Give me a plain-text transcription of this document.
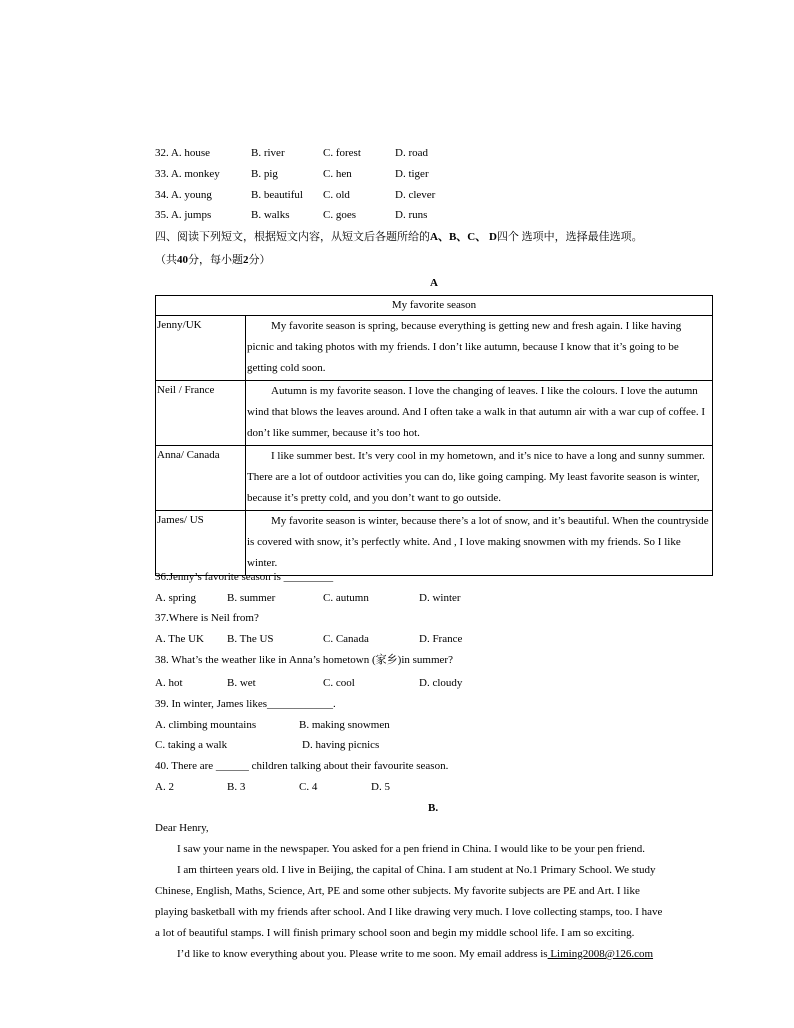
32. A. house	B. river	C. forest	D. road
33. A. monkey	B. pig	C. hen	D. tiger
34. A. young	B. beautiful C. old	D. clever
35. A. jumps	B. walks	C. goes	D. runs
四、阅读下列短文，根据短文内容，从短文后各题所给的A、B、C、 D四个 选项中，选择最佳选项。
（共40分，每小题2分）
A
My favorite season	
Jenny/UK	My favorite season is spring, because everything is getting new and fresh again. I like having picnic and taking photos with my friends. I don’t like autumn, because I know that it’s going to be getting cold soon.
Neil / France	Autumn is my favorite season. I love the changing of leaves. I like the colours. I love the autumn wind that blows the leaves around. And I often take a walk in that autumn air with a war cup of coffee. I don’t like summer, because it’s too hot.
Anna/ Canada	I like summer best. It’s very cool in my hometown, and it’s nice to have a long and sunny summer. There are a lot of outdoor activities you can do, like going camping. My least favorite season is winter, because it’s pretty cold, and you don’t want to go outside.
James/ US	My favorite season is winter, because there’s a lot of snow, and it’s beautiful. When the countryside is covered with snow, it’s perfectly white. And , I love making snowmen with my friends. So I like winter.
36.Jenny’s favorite season is _________
A. spring	B. summer	C. autumn	D. winter
37.Where is Neil from?
A. The UK B. The US	C. Canada	D. France
38. What’s the weather like in Anna’s hometown (家乡)in summer?
A. hot	B. wet	C. cool	D. cloudy
39. In winter, James likes____________.
A. climbing mountains	B. making snowmen
C. taking a walk	D. having picnics
40. There are ______ children talking about their favourite season.
A. 2	B. 3	C. 4	D. 5
B.

Dear Henry,

I saw your name in the newspaper. You asked for a pen friend in China. I would like to be your pen friend.

I am thirteen years old. I live in Beijing, the capital of China. I am student at No.1 Primary School. We study

Chinese, English, Maths, Science, Art, PE and some other subjects. My favorite subjects are PE and Art. I like

playing basketball with my friends after school. And I like drawing very much. I love collecting stamps, too. I have

a lot of beautiful stamps. I will finish primary school soon and begin my middle school life. I am so exciting.

I’d like to know everything about you. Please write to me soon. My email address is Liming2008@126.com
